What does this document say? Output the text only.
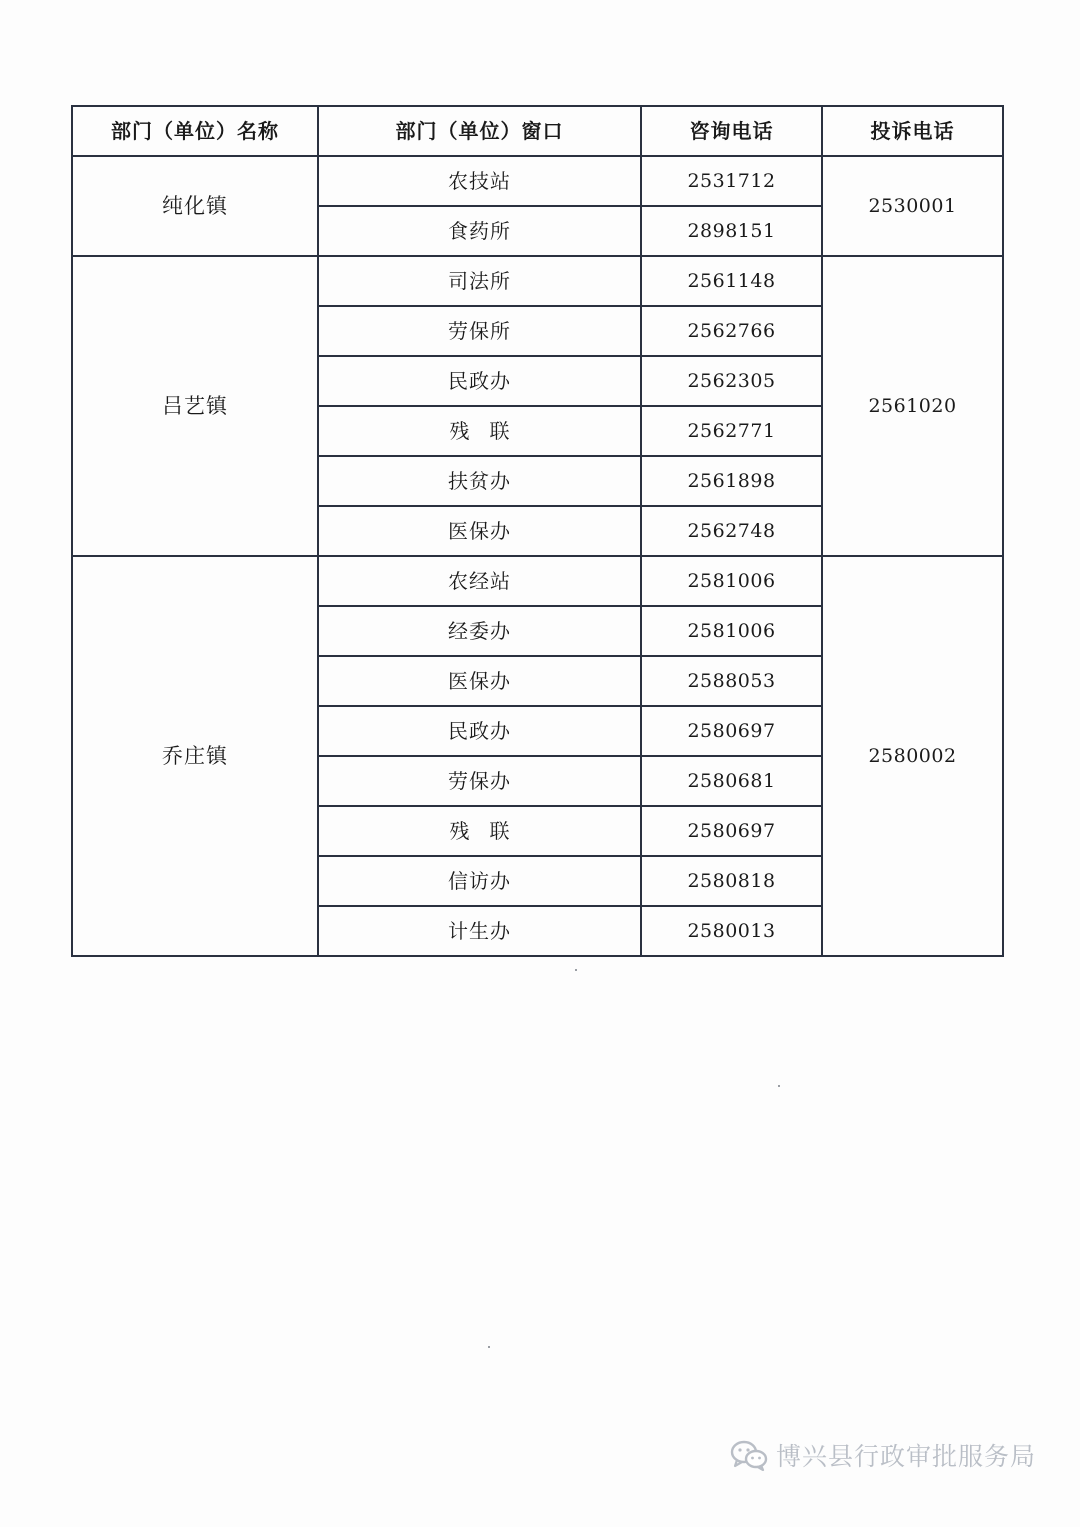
部门（单位）名称	部门（单位）窗口	咨询电话	投诉电话
纯化镇	农技站	2531712	2530001
	食药所	2898151	
吕艺镇	司法所	2561148	2561020
	劳保所	2562766	
	民政办	2562305	
	残　联	2562771	
	扶贫办	2561898	
	医保办	2562748	
乔庄镇	农经站	2581006	2580002
	经委办	2581006	
	医保办	2588053	
	民政办	2580697	
	劳保办	2580681	
	残　联	2580697	
	信访办	2580818	
	计生办	2580013	
博兴县行政审批服务局
